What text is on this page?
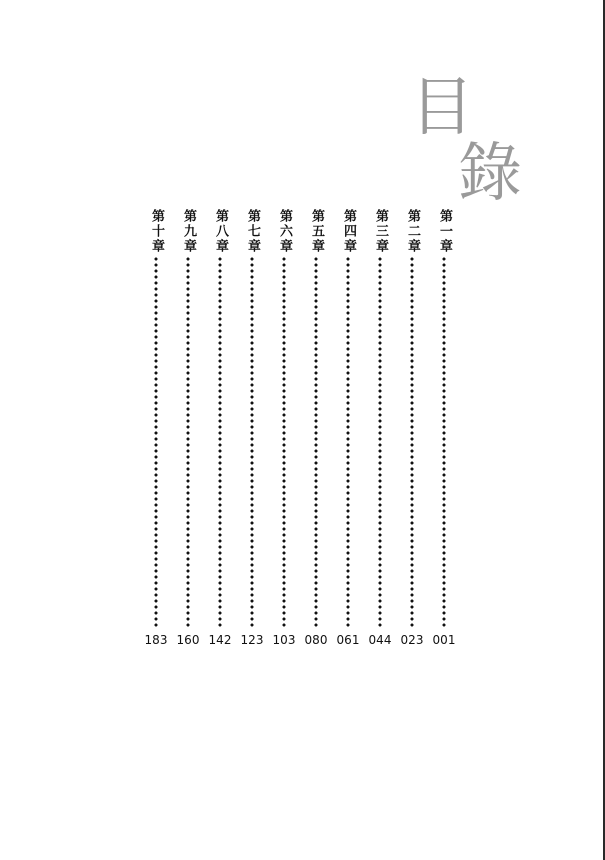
目
錄
第一章
001
第二章
023
第三章
044
第四章
061
第五章
080
第六章
103
第七章
123
第八章
142
第九章
160
第十章
183
